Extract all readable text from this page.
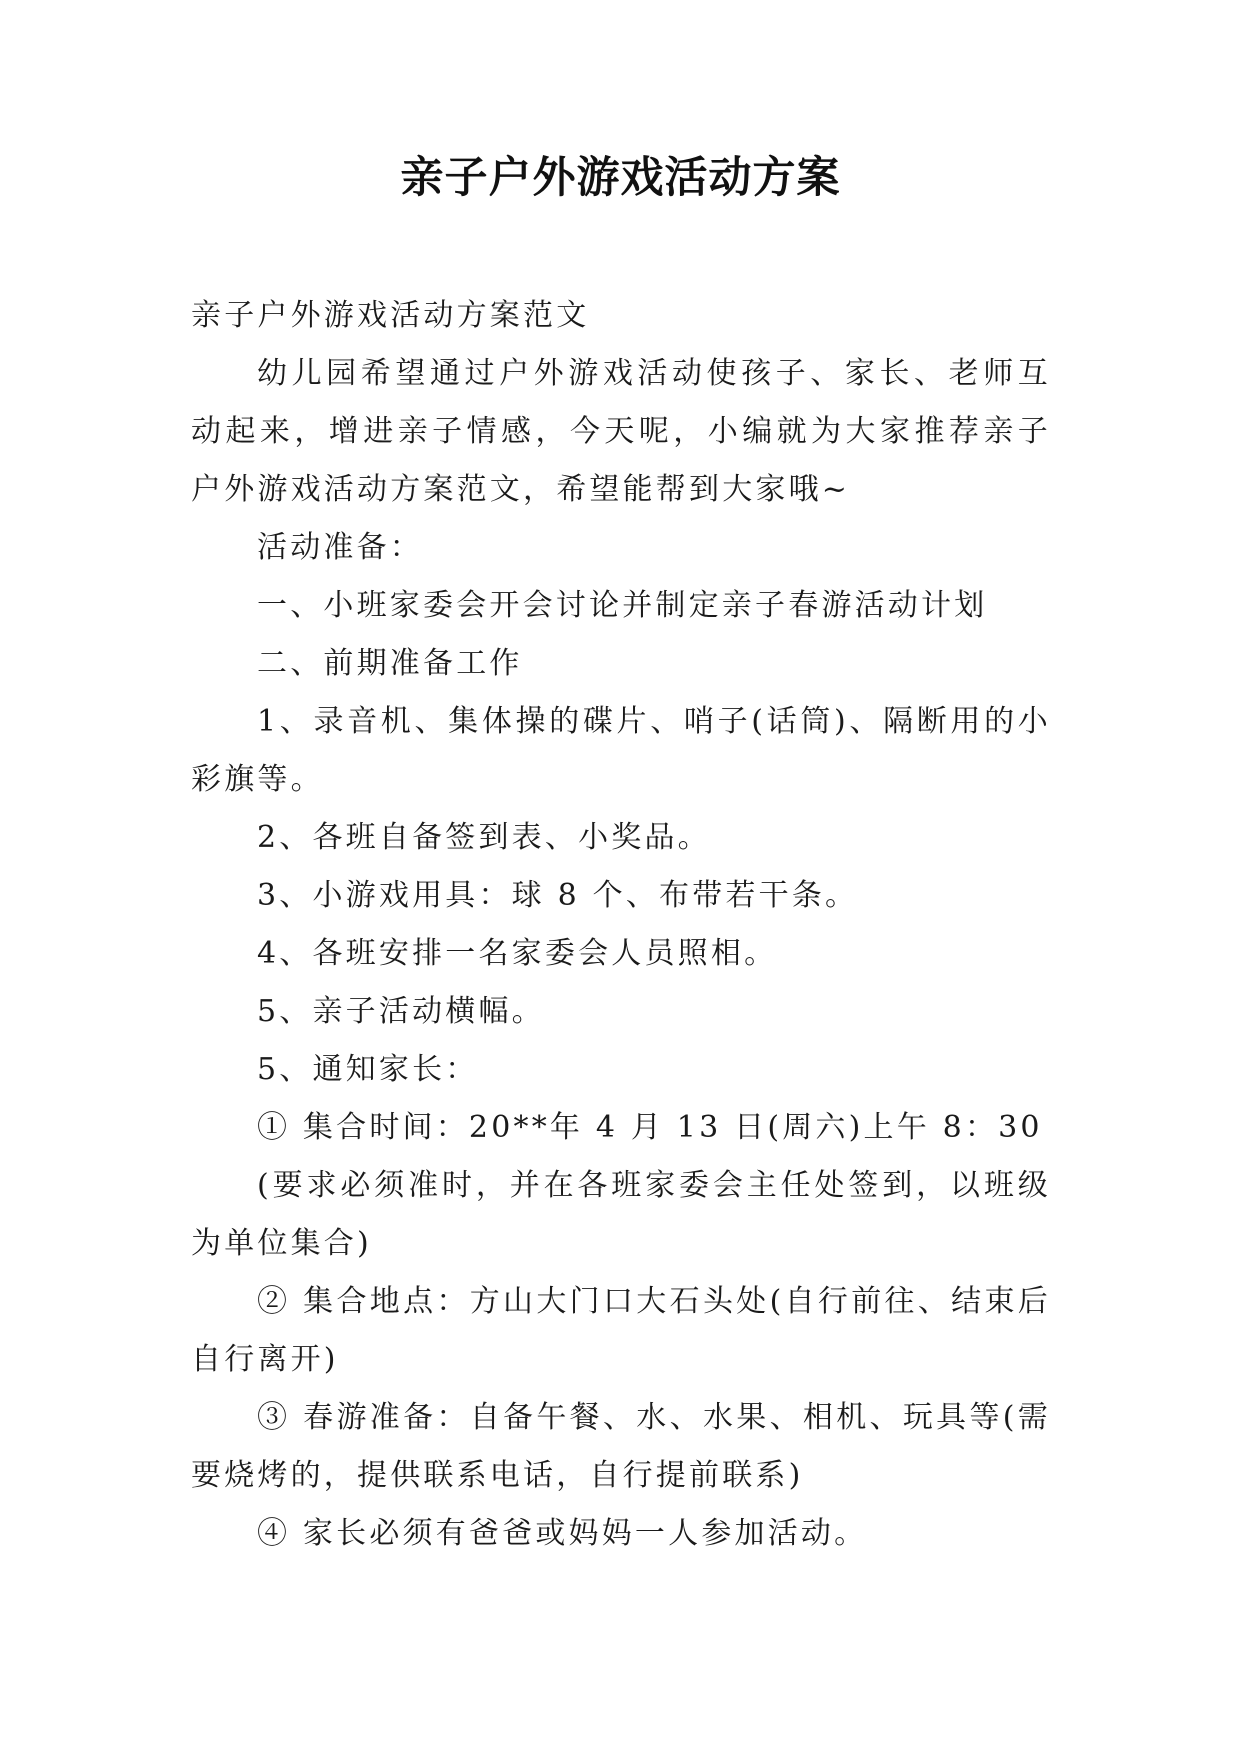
亲子户外游戏活动方案

亲子户外游戏活动方案范文

幼儿园希望通过户外游戏活动使孩子、家长、老师互动起来，增进亲子情感，今天呢，小编就为大家推荐亲子户外游戏活动方案范文，希望能帮到大家哦~

活动准备：

一、小班家委会开会讨论并制定亲子春游活动计划

二、前期准备工作

1、录音机、集体操的碟片、哨子(话筒)、隔断用的小彩旗等。

2、各班自备签到表、小奖品。

3、小游戏用具：球 8 个、布带若干条。

4、各班安排一名家委会人员照相。

5、亲子活动横幅。

5、通知家长：

① 集合时间：20**年 4 月 13 日(周六)上午 8：30

(要求必须准时，并在各班家委会主任处签到，以班级为单位集合)

② 集合地点：方山大门口大石头处(自行前往、结束后自行离开)

③ 春游准备：自备午餐、水、水果、相机、玩具等(需要烧烤的，提供联系电话，自行提前联系)

④ 家长必须有爸爸或妈妈一人参加活动。
